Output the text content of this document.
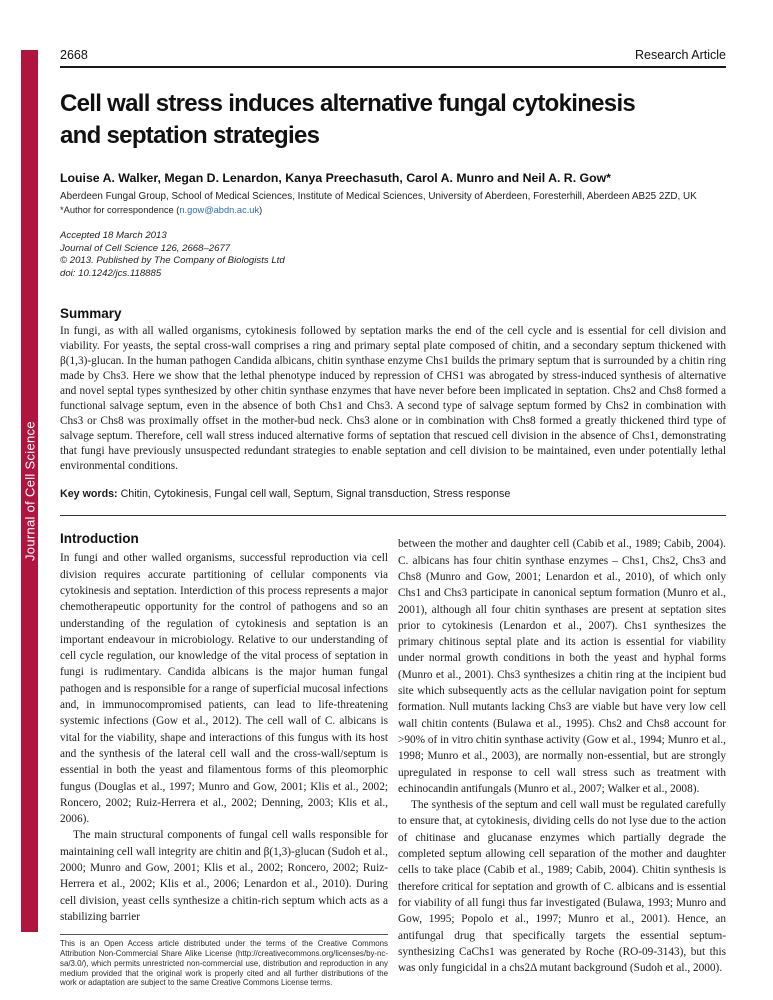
Journal of Cell Science
2668	Research Article
Cell wall stress induces alternative fungal cytokinesis
and septation strategies
Louise A. Walker, Megan D. Lenardon, Kanya Preechasuth, Carol A. Munro and Neil A. R. Gow*
Aberdeen Fungal Group, School of Medical Sciences, Institute of Medical Sciences, University of Aberdeen, Foresterhill, Aberdeen AB25 2ZD, UK
*Author for correspondence (n.gow@abdn.ac.uk)
Accepted 18 March 2013
Journal of Cell Science 126, 2668–2677
© 2013. Published by The Company of Biologists Ltd
doi: 10.1242/jcs.118885
Summary
In fungi, as with all walled organisms, cytokinesis followed by septation marks the end of the cell cycle and is essential for cell division and viability. For yeasts, the septal cross-wall comprises a ring and primary septal plate composed of chitin, and a secondary septum thickened with β(1,3)-glucan. In the human pathogen Candida albicans, chitin synthase enzyme Chs1 builds the primary septum that is surrounded by a chitin ring made by Chs3. Here we show that the lethal phenotype induced by repression of CHS1 was abrogated by stress-induced synthesis of alternative and novel septal types synthesized by other chitin synthase enzymes that have never before been implicated in septation. Chs2 and Chs8 formed a functional salvage septum, even in the absence of both Chs1 and Chs3. A second type of salvage septum formed by Chs2 in combination with Chs3 or Chs8 was proximally offset in the mother-bud neck. Chs3 alone or in combination with Chs8 formed a greatly thickened third type of salvage septum. Therefore, cell wall stress induced alternative forms of septation that rescued cell division in the absence of Chs1, demonstrating that fungi have previously unsuspected redundant strategies to enable septation and cell division to be maintained, even under potentially lethal environmental conditions.
Key words: Chitin, Cytokinesis, Fungal cell wall, Septum, Signal transduction, Stress response
Introduction

In fungi and other walled organisms, successful reproduction via cell division requires accurate partitioning of cellular components via cytokinesis and septation. Interdiction of this process represents a major chemotherapeutic opportunity for the control of pathogens and so an understanding of the regulation of cytokinesis and septation is an important endeavour in microbiology. Relative to our understanding of cell cycle regulation, our knowledge of the vital process of septation in fungi is rudimentary. Candida albicans is the major human fungal pathogen and is responsible for a range of superficial mucosal infections and, in immunocompromised patients, can lead to life-threatening systemic infections (Gow et al., 2012). The cell wall of C. albicans is vital for the viability, shape and interactions of this fungus with its host and the synthesis of the lateral cell wall and the cross-wall/septum is essential in both the yeast and filamentous forms of this pleomorphic fungus (Douglas et al., 1997; Munro and Gow, 2001; Klis et al., 2002; Roncero, 2002; Ruiz-Herrera et al., 2002; Denning, 2003; Klis et al., 2006).

The main structural components of fungal cell walls responsible for maintaining cell wall integrity are chitin and β(1,3)-glucan (Sudoh et al., 2000; Munro and Gow, 2001; Klis et al., 2002; Roncero, 2002; Ruiz-Herrera et al., 2002; Klis et al., 2006; Lenardon et al., 2010). During cell division, yeast cells synthesize a chitin-rich septum which acts as a stabilizing barrier

This is an Open Access article distributed under the terms of the Creative Commons Attribution Non-Commercial Share Alike License (http://creativecommons.org/licenses/by-nc-sa/3.0/), which permits unrestricted non-commercial use, distribution and reproduction in any medium provided that the original work is properly cited and all further distributions of the work or adaptation are subject to the same Creative Commons License terms.

between the mother and daughter cell (Cabib et al., 1989; Cabib, 2004). C. albicans has four chitin synthase enzymes – Chs1, Chs2, Chs3 and Chs8 (Munro and Gow, 2001; Lenardon et al., 2010), of which only Chs1 and Chs3 participate in canonical septum formation (Munro et al., 2001), although all four chitin synthases are present at septation sites prior to cytokinesis (Lenardon et al., 2007). Chs1 synthesizes the primary chitinous septal plate and its action is essential for viability under normal growth conditions in both the yeast and hyphal forms (Munro et al., 2001). Chs3 synthesizes a chitin ring at the incipient bud site which subsequently acts as the cellular navigation point for septum formation. Null mutants lacking Chs3 are viable but have very low cell wall chitin contents (Bulawa et al., 1995). Chs2 and Chs8 account for >90% of in vitro chitin synthase activity (Gow et al., 1994; Munro et al., 1998; Munro et al., 2003), are normally non-essential, but are strongly upregulated in response to cell wall stress such as treatment with echinocandin antifungals (Munro et al., 2007; Walker et al., 2008).

The synthesis of the septum and cell wall must be regulated carefully to ensure that, at cytokinesis, dividing cells do not lyse due to the action of chitinase and glucanase enzymes which partially degrade the completed septum allowing cell separation of the mother and daughter cells to take place (Cabib et al., 1989; Cabib, 2004). Chitin synthesis is therefore critical for septation and growth of C. albicans and is essential for viability of all fungi thus far investigated (Bulawa, 1993; Munro and Gow, 1995; Popolo et al., 1997; Munro et al., 2001). Hence, an antifungal drug that specifically targets the essential septum-synthesizing CaChs1 was generated by Roche (RO-09-3143), but this was only fungicidal in a chs2Δ mutant background (Sudoh et al., 2000).
